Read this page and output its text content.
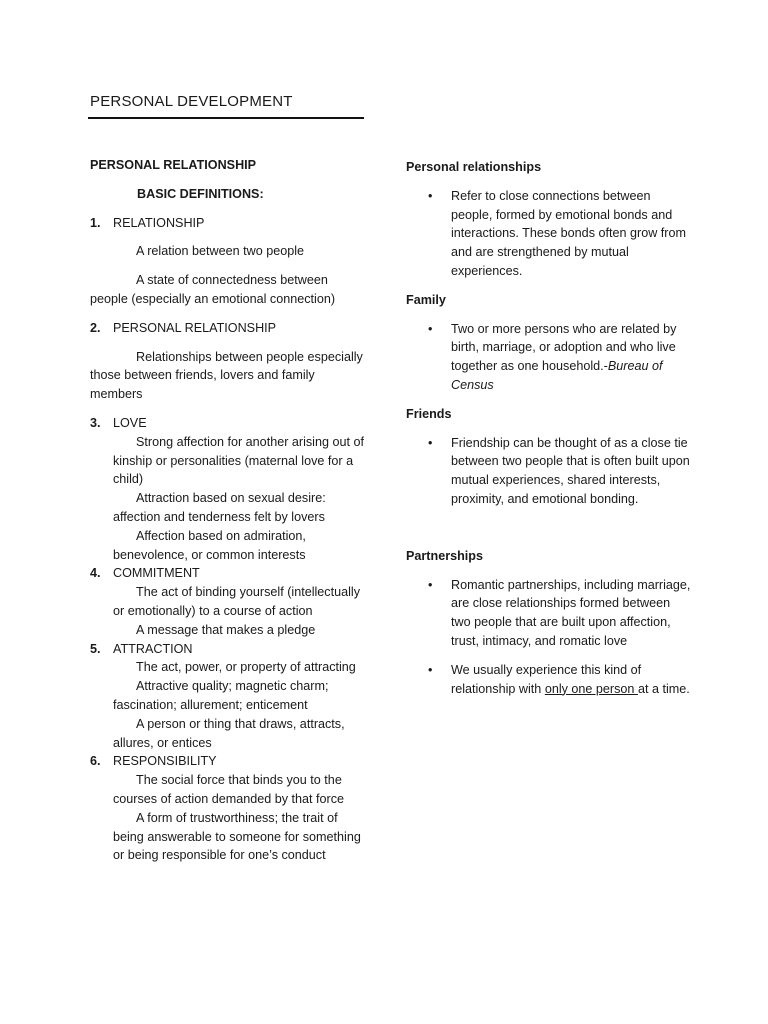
PERSONAL DEVELOPMENT
PERSONAL RELATIONSHIP
BASIC DEFINITIONS:
1. RELATIONSHIP
A relation between two people
A state of connectedness between people (especially an emotional connection)
2. PERSONAL RELATIONSHIP
Relationships between people especially those between friends, lovers and family members
3. LOVE
Strong affection for another arising out of kinship or personalities (maternal love for a child)
Attraction based on sexual desire: affection and tenderness felt by lovers
Affection based on admiration, benevolence, or common interests
4. COMMITMENT
The act of binding yourself (intellectually or emotionally) to a course of action
A message that makes a pledge
5. ATTRACTION
The act, power, or property of attracting
Attractive quality; magnetic charm; fascination; allurement; enticement
A person or thing that draws, attracts, allures, or entices
6. RESPONSIBILITY
The social force that binds you to the courses of action demanded by that force
A form of trustworthiness; the trait of being answerable to someone for something or being responsible for one’s conduct
Personal relationships
•	Refer to close connections between people, formed by emotional bonds and interactions. These bonds often grow from and are strengthened by mutual experiences.
Family
•	Two or more persons who are related by birth, marriage, or adoption and who live together as one household.-Bureau of Census
Friends
•	Friendship can be thought of as a close tie between two people that is often built upon mutual experiences, shared interests, proximity, and emotional bonding.
Partnerships
•	Romantic partnerships, including marriage, are close relationships formed between two people that are built upon affection, trust, intimacy, and romatic love
•	We usually experience this kind of relationship with only one person at a time.
